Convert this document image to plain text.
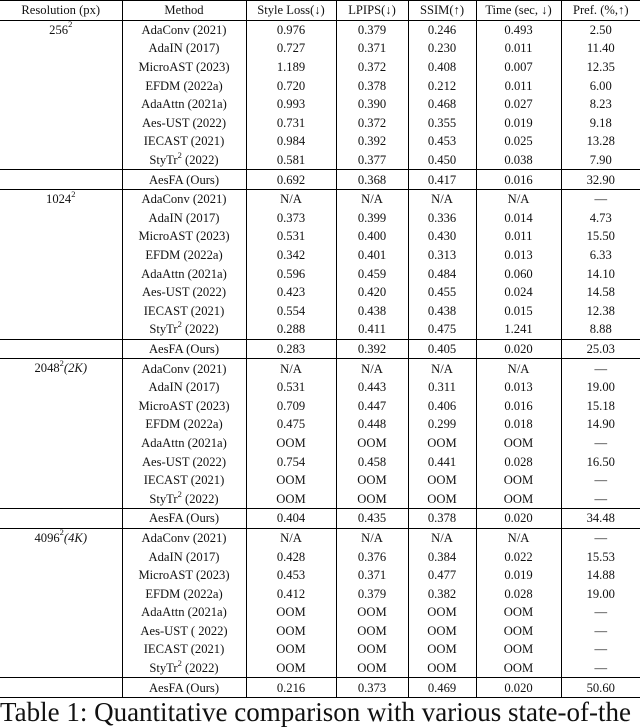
Resolution (px)	Method	Style Loss(↓)	LPIPS(↓)	SSIM(↑)	Time (sec, ↓)	Pref. (%,↑)
$256^2$	AdaConv (2021)	0.976	0.379	0.246	0.493	2.50
	AdaIN (2017)	0.727	0.371	0.230	0.011	11.40
	MicroAST (2023)	1.189	0.372	0.408	0.007	12.35
	EFDM (2022a)	0.720	0.378	0.212	0.011	6.00
	AdaAttn (2021a)	0.993	0.390	0.468	0.027	8.23
	Aes-UST (2022)	0.731	0.372	0.355	0.019	9.18
	IECAST (2021)	0.984	0.392	0.453	0.025	13.28
	StyTr$^2$ (2022)	0.581	0.377	0.450	0.038	7.90
	AesFA (Ours)	0.692	0.368	0.417	0.016	32.90
1024$^2$	AdaConv (2021)	N/A	N/A	N/A	N/A	—
	AdaIN (2017)	0.373	0.399	0.336	0.014	4.73
	MicroAST (2023)	0.531	0.400	0.430	0.011	15.50
	EFDM (2022a)	0.342	0.401	0.313	0.013	6.33
	AdaAttn (2021a)	0.596	0.459	0.484	0.060	14.10
	Aes-UST (2022)	0.423	0.420	0.455	0.024	14.58
	IECAST (2021)	0.554	0.438	0.438	0.015	12.38
	StyTr$^2$ (2022)	0.288	0.411	0.475	1.241	8.88
	AesFA (Ours)	0.283	0.392	0.405	0.020	25.03
2048$^2$(2K)	AdaConv (2021)	N/A	N/A	N/A	N/A	—
	AdaIN (2017)	0.531	0.443	0.311	0.013	19.00
	MicroAST (2023)	0.709	0.447	0.406	0.016	15.18
	EFDM (2022a)	0.475	0.448	0.299	0.018	14.90
	AdaAttn (2021a)	OOM	OOM	OOM	OOM	—
	Aes-UST (2022)	0.754	0.458	0.441	0.028	16.50
	IECAST (2021)	OOM	OOM	OOM	OOM	—
	StyTr$^2$ (2022)	OOM	OOM	OOM	OOM	—
	AesFA (Ours)	0.404	0.435	0.378	0.020	34.48
4096$^2$(4K)	AdaConv (2021)	N/A	N/A	N/A	N/A	—
	AdaIN (2017)	0.428	0.376	0.384	0.022	15.53
	MicroAST (2023)	0.453	0.371	0.477	0.019	14.88
	EFDM (2022a)	0.412	0.379	0.382	0.028	19.00
	AdaAttn (2021a)	OOM	OOM	OOM	OOM	—
	Aes-UST ( 2022)	OOM	OOM	OOM	OOM	—
	IECAST (2021)	OOM	OOM	OOM	OOM	—
	StyTr$^2$ (2022)	OOM	OOM	OOM	OOM	—
	AesFA (Ours)	0.216	0.373	0.469	0.020	50.60
Table 1: Quantitative comparison with various state-of-the
